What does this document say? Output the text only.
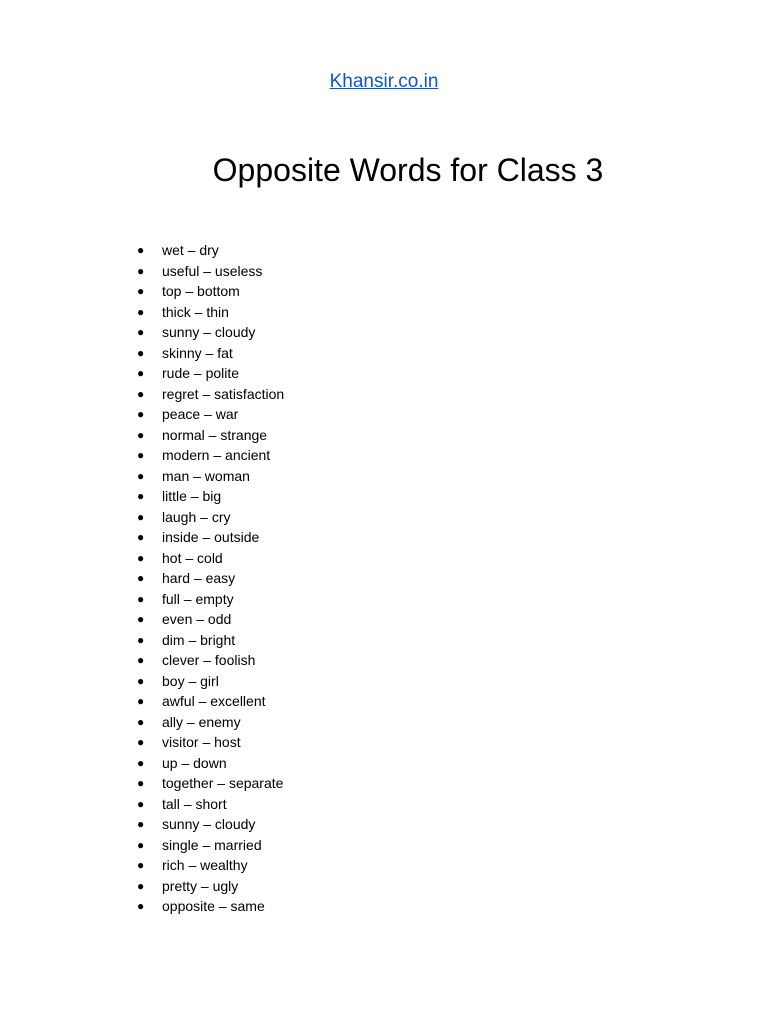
Khansir.co.in
Opposite Words for Class 3
● wet – dry
● useful – useless
● top – bottom
● thick – thin
● sunny – cloudy
● skinny – fat
● rude – polite
● regret – satisfaction
● peace – war
● normal – strange
● modern – ancient
● man – woman
● little – big
● laugh – cry
● inside – outside
● hot – cold
● hard – easy
● full – empty
● even – odd
● dim – bright
● clever – foolish
● boy – girl
● awful – excellent
● ally – enemy
● visitor – host
● up – down
● together – separate
● tall – short
● sunny – cloudy
● single – married
● rich – wealthy
● pretty – ugly
● opposite – same
